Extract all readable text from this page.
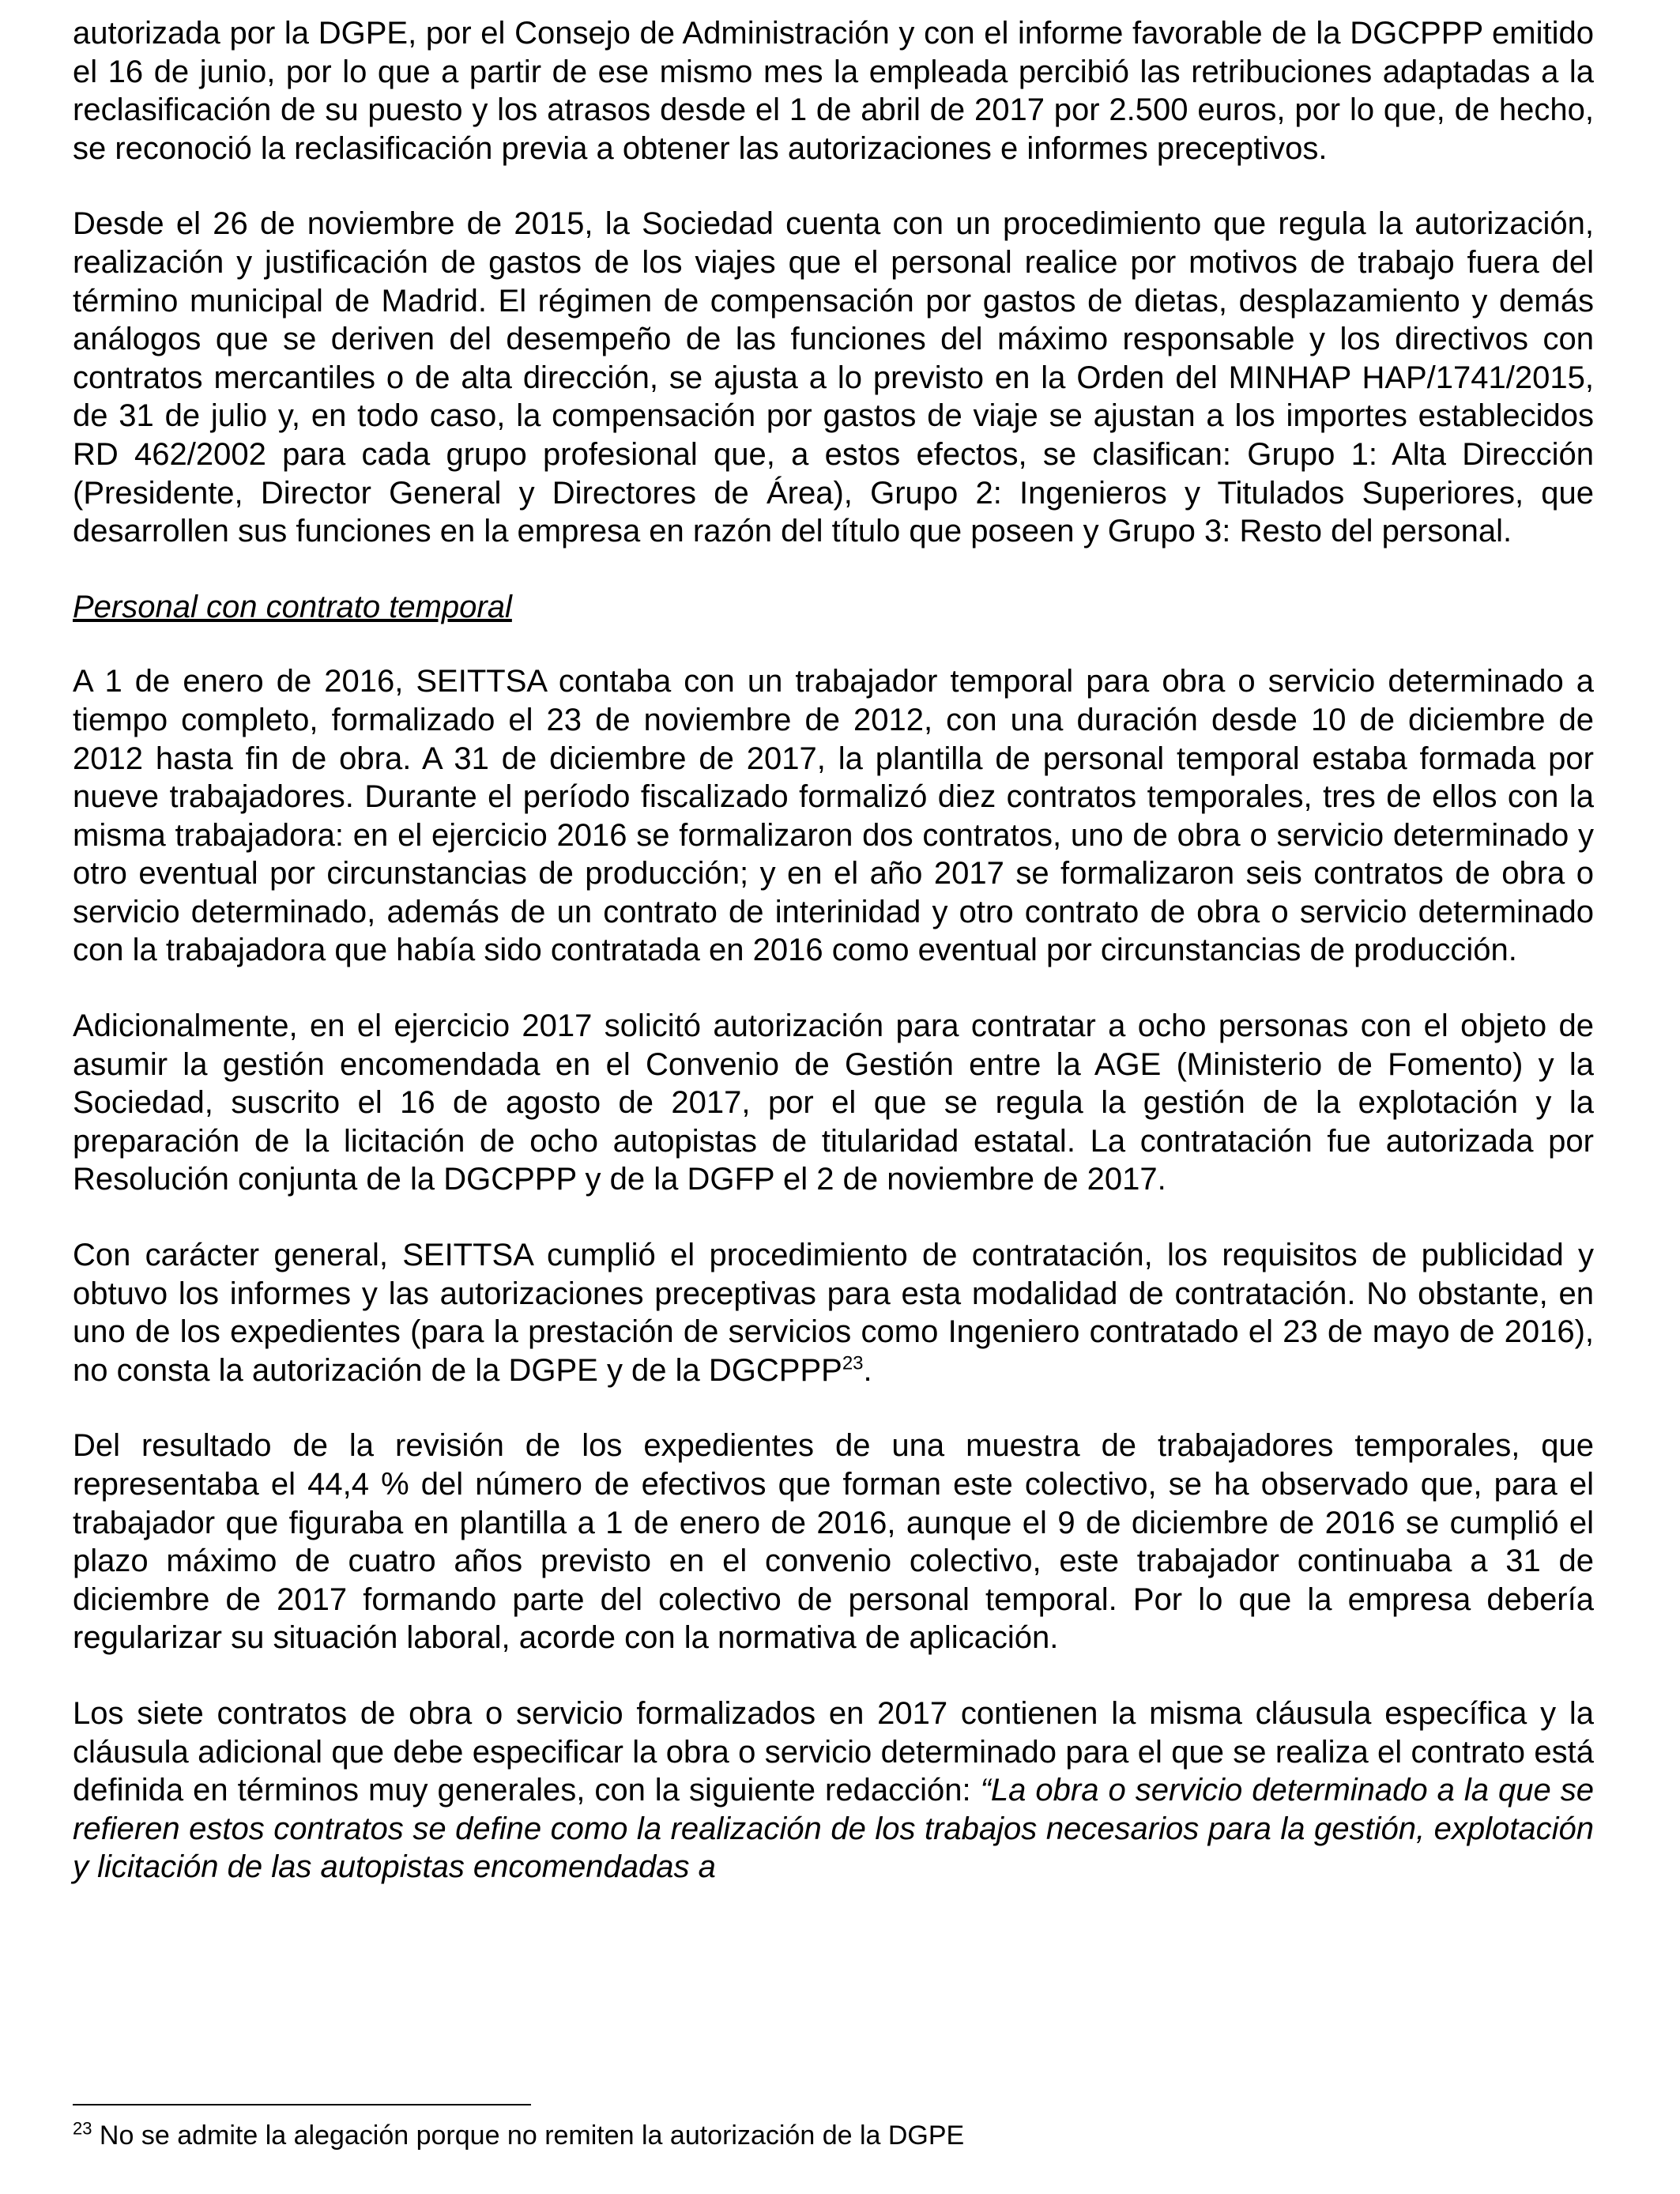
autorizada por la DGPE, por el Consejo de Administración y con el informe favorable de la DGCPPP emitido el 16 de junio, por lo que a partir de ese mismo mes la empleada percibió las retribuciones adaptadas a la reclasificación de su puesto y los atrasos desde el 1 de abril de 2017 por 2.500 euros, por lo que, de hecho, se reconoció la reclasificación previa a obtener las autorizaciones e informes preceptivos.

Desde el 26 de noviembre de 2015, la Sociedad cuenta con un procedimiento que regula la autorización, realización y justificación de gastos de los viajes que el personal realice por motivos de trabajo fuera del término municipal de Madrid. El régimen de compensación por gastos de dietas, desplazamiento y demás análogos que se deriven del desempeño de las funciones del máximo responsable y los directivos con contratos mercantiles o de alta dirección, se ajusta a lo previsto en la Orden del MINHAP HAP/1741/2015, de 31 de julio y, en todo caso, la compensación por gastos de viaje se ajustan a los importes establecidos RD 462/2002 para cada grupo profesional que, a estos efectos, se clasifican: Grupo 1: Alta Dirección (Presidente, Director General y Directores de Área), Grupo 2: Ingenieros y Titulados Superiores, que desarrollen sus funciones en la empresa en razón del título que poseen y Grupo 3: Resto del personal.

Personal con contrato temporal

A 1 de enero de 2016, SEITTSA contaba con un trabajador temporal para obra o servicio determinado a tiempo completo, formalizado el 23 de noviembre de 2012, con una duración desde 10 de diciembre de 2012 hasta fin de obra. A 31 de diciembre de 2017, la plantilla de personal temporal estaba formada por nueve trabajadores. Durante el período fiscalizado formalizó diez contratos temporales, tres de ellos con la misma trabajadora: en el ejercicio 2016 se formalizaron dos contratos, uno de obra o servicio determinado y otro eventual por circunstancias de producción; y en el año 2017 se formalizaron seis contratos de obra o servicio determinado, además de un contrato de interinidad y otro contrato de obra o servicio determinado con la trabajadora que había sido contratada en 2016 como eventual por circunstancias de producción.

Adicionalmente, en el ejercicio 2017 solicitó autorización para contratar a ocho personas con el objeto de asumir la gestión encomendada en el Convenio de Gestión entre la AGE (Ministerio de Fomento) y la Sociedad, suscrito el 16 de agosto de 2017, por el que se regula la gestión de la explotación y la preparación de la licitación de ocho autopistas de titularidad estatal. La contratación fue autorizada por Resolución conjunta de la DGCPPP y de la DGFP el 2 de noviembre de 2017.

Con carácter general, SEITTSA cumplió el procedimiento de contratación, los requisitos de publicidad y obtuvo los informes y las autorizaciones preceptivas para esta modalidad de contratación. No obstante, en uno de los expedientes (para la prestación de servicios como Ingeniero contratado el 23 de mayo de 2016), no consta la autorización de la DGPE y de la DGCPPP$^{23}$.

Del resultado de la revisión de los expedientes de una muestra de trabajadores temporales, que representaba el 44,4 % del número de efectivos que forman este colectivo, se ha observado que, para el trabajador que figuraba en plantilla a 1 de enero de 2016, aunque el 9 de diciembre de 2016 se cumplió el plazo máximo de cuatro años previsto en el convenio colectivo, este trabajador continuaba a 31 de diciembre de 2017 formando parte del colectivo de personal temporal. Por lo que la empresa debería regularizar su situación laboral, acorde con la normativa de aplicación.

Los siete contratos de obra o servicio formalizados en 2017 contienen la misma cláusula específica y la cláusula adicional que debe especificar la obra o servicio determinado para el que se realiza el contrato está definida en términos muy generales, con la siguiente redacción: “La obra o servicio determinado a la que se refieren estos contratos se define como la realización de los trabajos necesarios para la gestión, explotación y licitación de las autopistas encomendadas a

$^{23}$ No se admite la alegación porque no remiten la autorización de la DGPE
